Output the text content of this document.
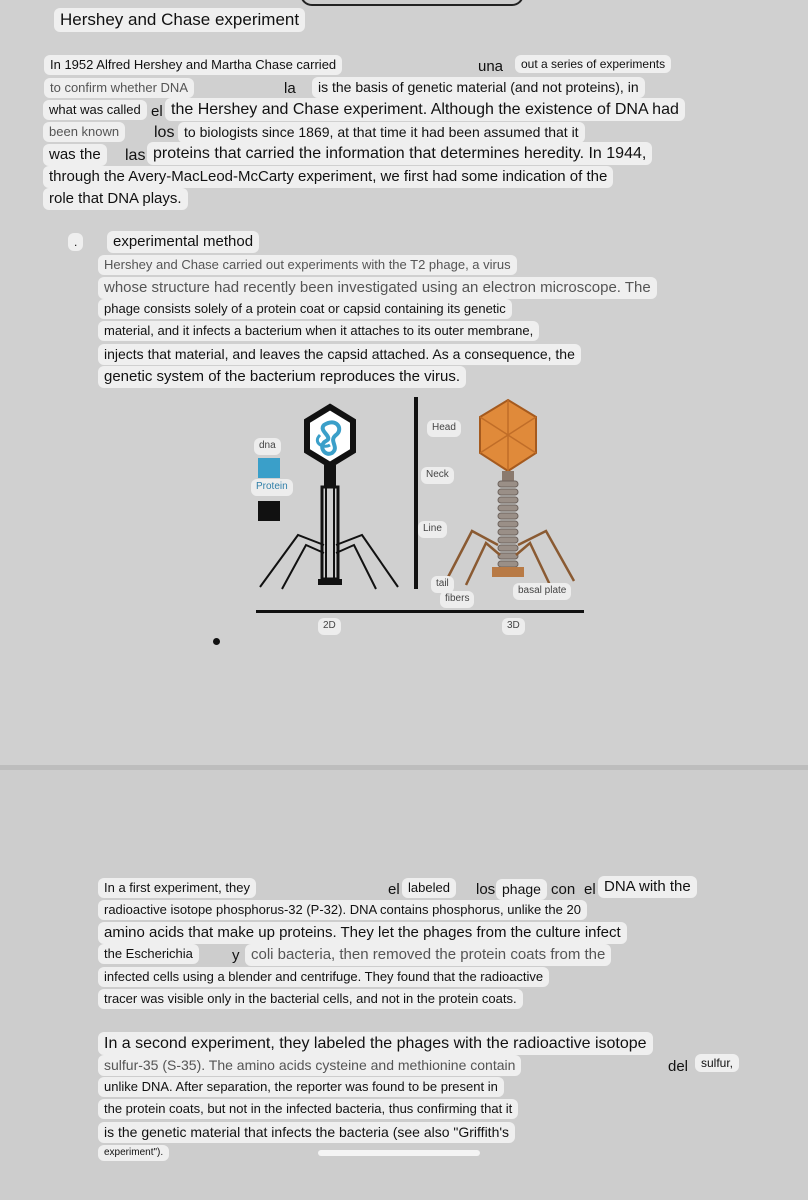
Hershey and Chase experiment
In 1952 Alfred Hershey and Martha Chase carried	una	out a series of experiments
to confirm whether DNA	la	is the basis of genetic material (and not proteins), in
what was called el the Hershey and Chase experiment. Although the existence of DNA had
been known	los to biologists since 1869, at that time it had been assumed that it
was the	las proteins that carried the information that determines heredity. In 1944,
through the Avery-MacLeod-McCarty experiment, we first had some indication of the
role that DNA plays.
.	experimental method
Hershey and Chase carried out experiments with the T2 phage, a virus
whose structure had recently been investigated using an electron microscope. The
phage consists solely of a protein coat or capsid containing its genetic
material, and it infects a bacterium when it attaches to its outer membrane,
injects that material, and leaves the capsid attached. As a consequence, the
genetic system of the bacterium reproduces the virus.
dna
Protein
Head
Neck
Line
tail
fibers
basal plate
2D	3D
In a first experiment, they	el labeled	los phage con el DNA with the
radioactive isotope phosphorus-32 (P-32). DNA contains phosphorus, unlike the 20
amino acids that make up proteins. They let the phages from the culture infect
the Escherichia	y coli bacteria, then removed the protein coats from the
infected cells using a blender and centrifuge. They found that the radioactive
tracer was visible only in the bacterial cells, and not in the protein coats.
In a second experiment, they labeled the phages with the radioactive isotope
sulfur-35 (S-35). The amino acids cysteine and methionine contain	del	sulfur,
unlike DNA. After separation, the reporter was found to be present in
the protein coats, but not in the infected bacteria, thus confirming that it
is the genetic material that infects the bacteria (see also "Griffith's
experiment").
